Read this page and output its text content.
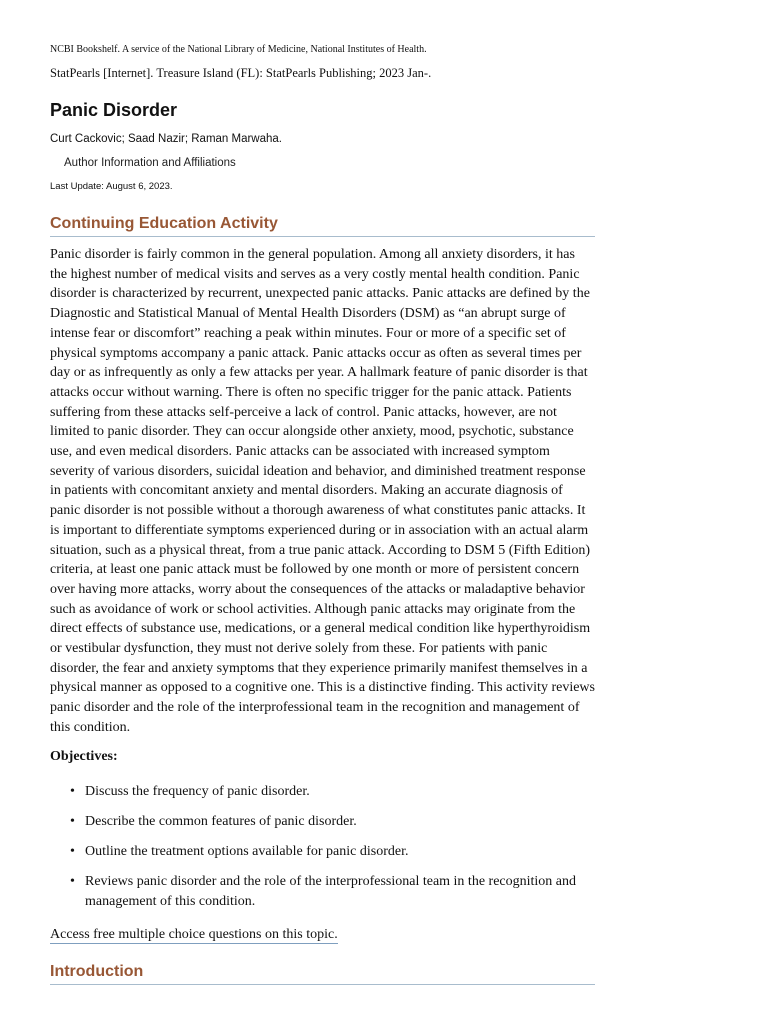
NCBI Bookshelf. A service of the National Library of Medicine, National Institutes of Health.
StatPearls [Internet]. Treasure Island (FL): StatPearls Publishing; 2023 Jan-.
Panic Disorder
Curt Cackovic; Saad Nazir; Raman Marwaha.
Author Information and Affiliations
Last Update: August 6, 2023.
Continuing Education Activity

Panic disorder is fairly common in the general population. Among all anxiety disorders, it has the highest number of medical visits and serves as a very costly mental health condition. Panic disorder is characterized by recurrent, unexpected panic attacks. Panic attacks are defined by the Diagnostic and Statistical Manual of Mental Health Disorders (DSM) as “an abrupt surge of intense fear or discomfort” reaching a peak within minutes. Four or more of a specific set of physical symptoms accompany a panic attack. Panic attacks occur as often as several times per day or as infrequently as only a few attacks per year. A hallmark feature of panic disorder is that attacks occur without warning. There is often no specific trigger for the panic attack. Patients suffering from these attacks self-perceive a lack of control. Panic attacks, however, are not limited to panic disorder. They can occur alongside other anxiety, mood, psychotic, substance use, and even medical disorders. Panic attacks can be associated with increased symptom severity of various disorders, suicidal ideation and behavior, and diminished treatment response in patients with concomitant anxiety and mental disorders. Making an accurate diagnosis of panic disorder is not possible without a thorough awareness of what constitutes panic attacks. It is important to differentiate symptoms experienced during or in association with an actual alarm situation, such as a physical threat, from a true panic attack. According to DSM 5 (Fifth Edition) criteria, at least one panic attack must be followed by one month or more of persistent concern over having more attacks, worry about the consequences of the attacks or maladaptive behavior such as avoidance of work or school activities. Although panic attacks may originate from the direct effects of substance use, medications, or a general medical condition like hyperthyroidism or vestibular dysfunction, they must not derive solely from these. For patients with panic disorder, the fear and anxiety symptoms that they experience primarily manifest themselves in a physical manner as opposed to a cognitive one. This is a distinctive finding. This activity reviews panic disorder and the role of the interprofessional team in the recognition and management of this condition.

Objectives:

• Discuss the frequency of panic disorder.
• Describe the common features of panic disorder.
• Outline the treatment options available for panic disorder.
• Reviews panic disorder and the role of the interprofessional team in the recognition and management of this condition.
Access free multiple choice questions on this topic.
Introduction
